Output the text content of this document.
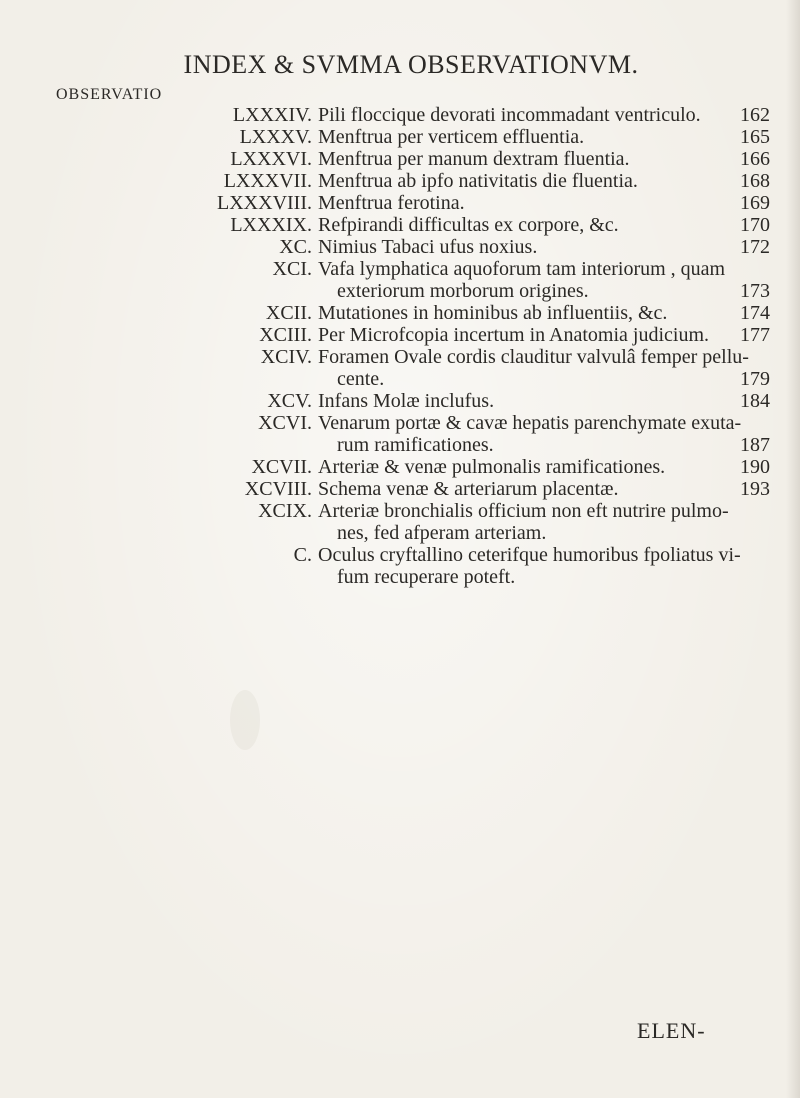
INDEX & SVMMA OBSERVATIONVM.
OBSERVATIO
LXXXIV. Pili floccique devorati incommadant ventriculo. 162
LXXXV. Menftrua per verticem effluentia.	165
LXXXVI. Menftrua per manum dextram fluentia.	166
LXXXVII. Menftrua ab ipfo nativitatis die fluentia.	168
LXXXVIII. Menftrua ferotina.	169
LXXXIX. Refpirandi difficultas ex corpore, &c.	170
XC. Nimius Tabaci ufus noxius.	172
XCI. Vafa lymphatica aquoforum tam interiorum , quam
exteriorum morborum origines.	173
XCII. Mutationes in hominibus ab influentiis, &c.	174
XCIII. Per Microfcopia incertum in Anatomia judicium. 177
XCIV. Foramen Ovale cordis clauditur valvulâ femper pellu-
cente.	179
XCV. Infans Molæ inclufus.	184
XCVI. Venarum portæ & cavæ hepatis parenchymate exuta-
rum ramificationes.	187
XCVII. Arteriæ & venæ pulmonalis ramificationes.	190
XCVIII. Schema venæ & arteriarum placentæ.	193
XCIX. Arteriæ bronchialis officium non eft nutrire pulmo-
nes, fed afperam arteriam.
C. Oculus cryftallino ceterifque humoribus fpoliatus vi-
fum recuperare poteft.
ELEN-
